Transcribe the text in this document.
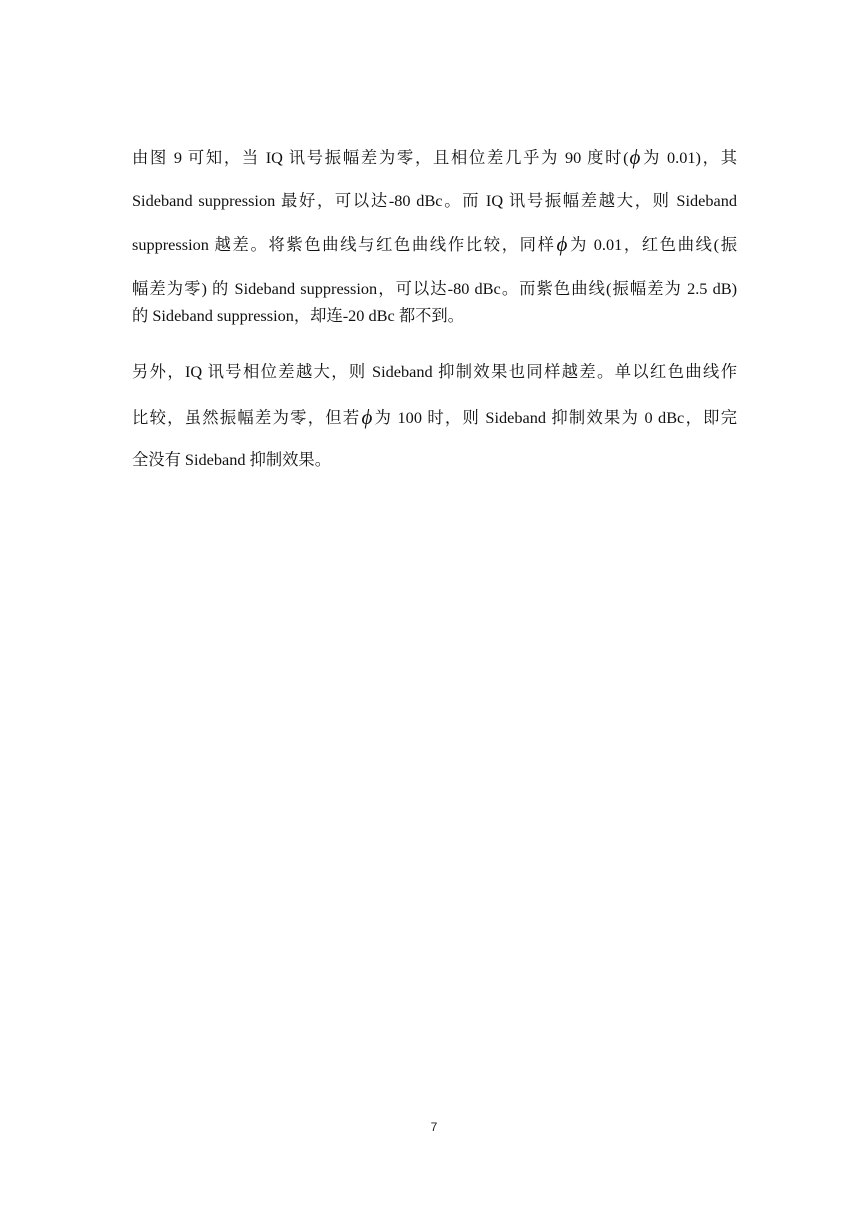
由图 9 可知，当 IQ 讯号振幅差为零，且相位差几乎为 90 度时(ϕ为 0.01)，其
Sideband suppression 最好，可以达-80 dBc。而 IQ 讯号振幅差越大，则 Sideband
suppression 越差。将紫色曲线与红色曲线作比较，同样ϕ为 0.01，红色曲线(振
幅差为零) 的 Sideband suppression，可以达-80 dBc。而紫色曲线(振幅差为 2.5 dB)
的 Sideband suppression，却连-20 dBc 都不到。
另外，IQ 讯号相位差越大，则 Sideband 抑制效果也同样越差。单以红色曲线作
比较，虽然振幅差为零，但若ϕ为 100 时，则 Sideband 抑制效果为 0 dBc，即完
全没有 Sideband 抑制效果。
7
